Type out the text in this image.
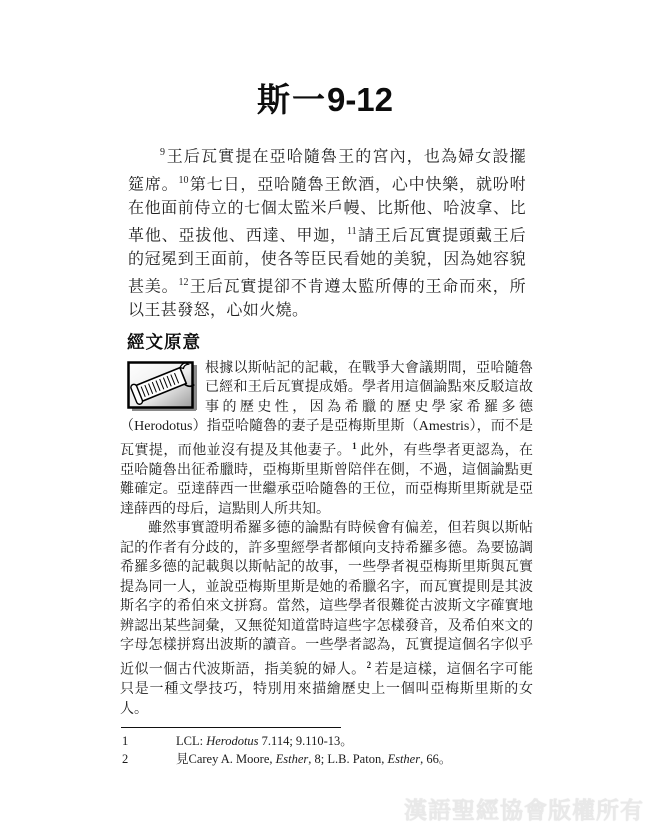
斯一9-12

$^9$王后瓦實提在亞哈隨魯王的宮內，也為婦女設擺筵席。$^{10}$第七日，亞哈隨魯王飲酒，心中快樂，就吩咐在他面前侍立的七個太監米戶幔、比斯他、哈波拿、比革他、亞拔他、西達、甲迦，$^{11}$請王后瓦實提頭戴王后的冠冕到王面前，使各等臣民看她的美貌，因為她容貌甚美。$^{12}$王后瓦實提卻不肯遵太監所傳的王命而來，所以王甚發怒，心如火燒。

經文原意

根據以斯帖記的記載，在戰爭大會議期間，亞哈隨魯已經和王后瓦實提成婚。學者用這個論點來反駁這故事的歷史性，因為希臘的歷史學家希羅多德（Herodotus）指亞哈隨魯的妻子是亞梅斯里斯（Amestris），而不是瓦實提，而他並沒有提及其他妻子。$^1$ 此外，有些學者更認為，在亞哈隨魯出征希臘時，亞梅斯里斯曾陪伴在側，不過，這個論點更難確定。亞達薛西一世繼承亞哈隨魯的王位，而亞梅斯里斯就是亞達薛西的母后，這點則人所共知。

雖然事實證明希羅多德的論點有時候會有偏差，但若與以斯帖記的作者有分歧的，許多聖經學者都傾向支持希羅多德。為要協調希羅多德的記載與以斯帖記的故事，一些學者視亞梅斯里斯與瓦實提為同一人，並說亞梅斯里斯是她的希臘名字，而瓦實提則是其波斯名字的希伯來文拼寫。當然，這些學者很難從古波斯文字確實地辨認出某些詞彙，又無從知道當時這些字怎樣發音，及希伯來文的字母怎樣拼寫出波斯的讀音。一些學者認為，瓦實提這個名字似乎近似一個古代波斯語，指美貌的婦人。$^2$ 若是這樣，這個名字可能只是一種文學技巧，特別用來描繪歷史上一個叫亞梅斯里斯的女人。

1	LCL: Herodotus 7.114; 9.110-13。
2	見Carey A. Moore, Esther, 8; L.B. Paton, Esther, 66。
漢語聖經協會版權所有
